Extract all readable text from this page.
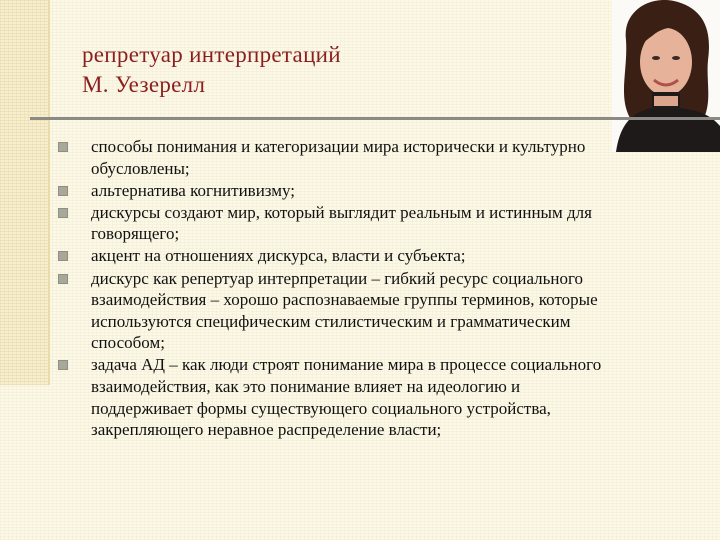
репретуар интерпретаций
М. Уезерелл
способы понимания и категоризации мира исторически и культурно обусловлены;
альтернатива когнитивизму;
дискурсы создают мир, который выглядит реальным и истинным для говорящего;
акцент на отношениях дискурса, власти и субъекта;
дискурс как репертуар интерпретации – гибкий ресурс социального взаимодействия – хорошо распознаваемые группы терминов, которые используются специфическим стилистическим и грамматическим способом;
задача АД – как люди строят понимание мира в процессе социального взаимодействия, как это понимание влияет на идеологию и поддерживает формы существующего социального устройства, закрепляющего неравное распределение власти;
